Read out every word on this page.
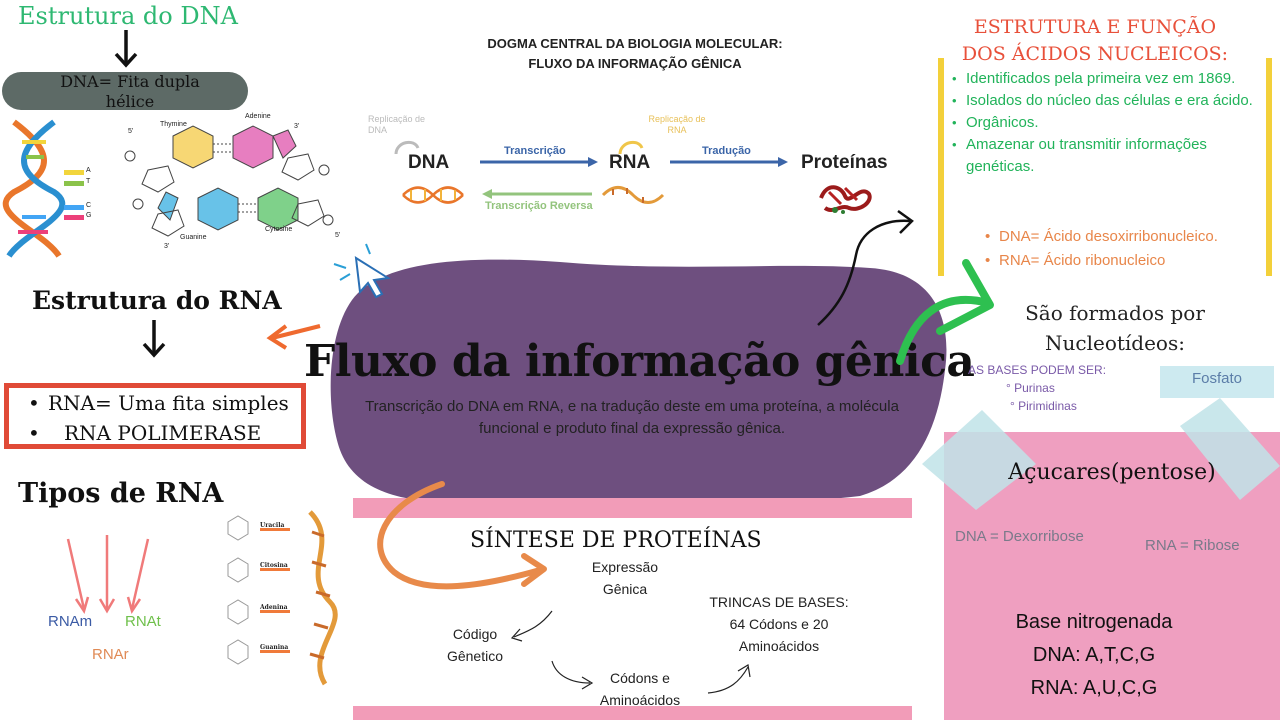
Estrutura do DNA
DNA= Fita dupla hélice
A
T
C
G
Thymine
Adenine
Guanine
Cytosine
5'
3'
3'
5'
Estrutura do RNA
• RNA= Uma fita simples
• RNA POLIMERASE
Tipos de RNA
RNAm RNAt
RNAr
Uracila
Citosina
Adenina
Guanina
Fluxo da informação gênica
Transcrição do DNA em RNA, e na tradução deste em uma proteína, a molécula funcional e produto final da expressão gênica.
DOGMA CENTRAL DA BIOLOGIA MOLECULAR:
FLUXO DA INFORMAÇÃO GÊNICA
Replicação de DNA
Replicação de RNA
DNA	RNA	Proteínas
Transcrição	Tradução
Transcrição Reversa
ESTRUTURA E FUNÇÃO DOS ÁCIDOS NUCLEICOS:
• Identificados pela primeira vez em 1869.
• Isolados do núcleo das células e era ácido.
• Orgânicos.
• Amazenar ou transmitir informações genéticas.
• DNA= Ácido desoxirribonucleico.
• RNA= Ácido ribonucleico
São formados por Nucleotídeos:
AS BASES PODEM SER:
° Purinas
° Pirimidinas
Fosfato
Açucares(pentose)
DNA = Dexorribose
RNA = Ribose
Base nitrogenada
DNA: A,T,C,G
RNA: A,U,C,G
SÍNTESE DE PROTEÍNAS
Expressão Gênica
Código Gênetico
Códons e Aminoácidos
TRINCAS DE BASES:
64 Códons e 20
Aminoácidos
